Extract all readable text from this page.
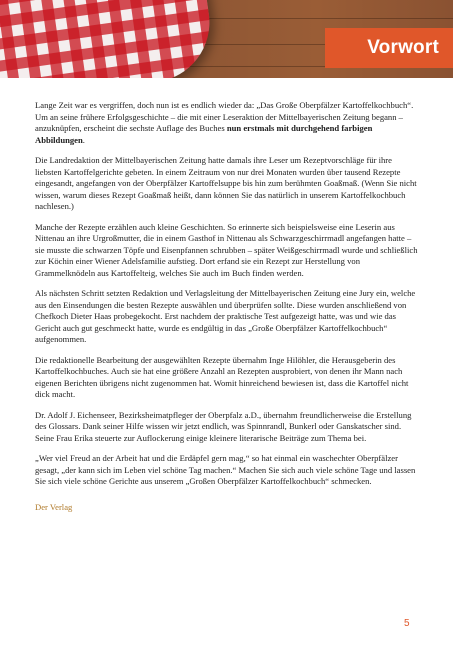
Vorwort

Lange Zeit war es vergriffen, doch nun ist es endlich wieder da: „Das Große Oberpfälzer Kartoffelkochbuch“. Um an seine frühere Erfolgsgeschichte – die mit einer Leseraktion der Mittelbayerischen Zeitung begann – anzuknüpfen, erscheint die sechste Auflage des Buches nun erstmals mit durchgehend farbigen Abbildungen.

Die Landredaktion der Mittelbayerischen Zeitung hatte damals ihre Leser um Rezeptvorschläge für ihre liebsten Kartoffelgerichte gebeten. In einem Zeitraum von nur drei Monaten wurden über tausend Rezepte eingesandt, angefangen von der Oberpfälzer Kartoffelsuppe bis hin zum berühmten Goaßmaß. (Wenn Sie nicht wissen, warum dieses Rezept Goaßmaß heißt, dann können Sie das natürlich in unserem Kartoffelkochbuch nachlesen.)

Manche der Rezepte erzählen auch kleine Geschichten. So erinnerte sich beispielsweise eine Leserin aus Nittenau an ihre Urgroßmutter, die in einem Gasthof in Nittenau als Schwarzgeschirrmadl angefangen hatte – sie musste die schwarzen Töpfe und Eisenpfannen schrubben – später Weißgeschirrmadl wurde und schließlich zur Köchin einer Wiener Adelsfamilie aufstieg. Dort erfand sie ein Rezept zur Herstellung von Grammelknödeln aus Kartoffelteig, welches Sie auch im Buch finden werden.

Als nächsten Schritt setzten Redaktion und Verlagsleitung der Mittelbayerischen Zeitung eine Jury ein, welche aus den Einsendungen die besten Rezepte auswählen und überprüfen sollte. Diese wurden anschließend von Chefkoch Dieter Haas probegekocht. Erst nachdem der praktische Test aufgezeigt hatte, was und wie das Gericht auch gut geschmeckt hatte, wurde es endgültig in das „Große Oberpfälzer Kartoffelkochbuch“ aufgenommen.

Die redaktionelle Bearbeitung der ausgewählten Rezepte übernahm Inge Hilöhler, die Herausgeberin des Kartoffelkochbuches. Auch sie hat eine größere Anzahl an Rezepten ausprobiert, von denen ihr Mann nach eigenen Berichten übrigens nicht zugenommen hat. Womit hinreichend bewiesen ist, dass die Kartoffel nicht dick macht.

Dr. Adolf J. Eichenseer, Bezirksheimatpfleger der Oberpfalz a.D., übernahm freundlicherweise die Erstellung des Glossars. Dank seiner Hilfe wissen wir jetzt endlich, was Spinnrandl, Bunkerl oder Ganskatscher sind. Seine Frau Erika steuerte zur Auflockerung einige kleinere literarische Beiträge zum Thema bei.

„Wer viel Freud an der Arbeit hat und die Erdäpfel gern mag,“ so hat einmal ein waschechter Oberpfälzer gesagt, „der kann sich im Leben viel schöne Tag machen.“ Machen Sie sich auch viele schöne Tage und lassen Sie sich viele schöne Gerichte aus unserem „Großen Oberpfälzer Kartoffelkochbuch“ schmecken.

Der Verlag

5
